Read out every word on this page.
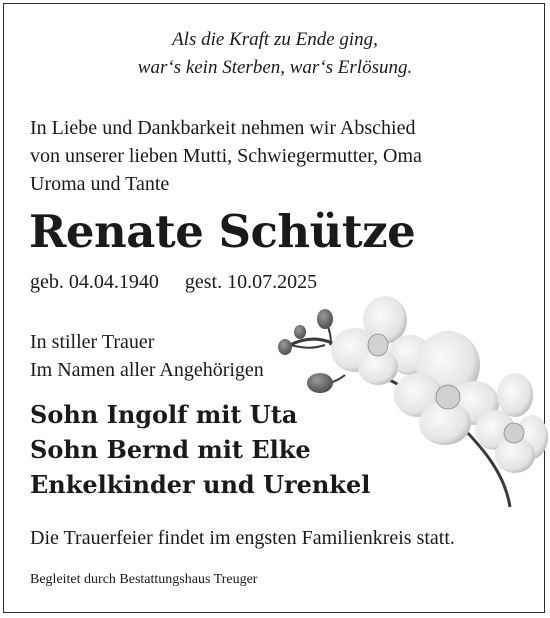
Als die Kraft zu Ende ging,
war‘s kein Sterben, war‘s Erlösung.
In Liebe und Dankbarkeit nehmen wir Abschied
von unserer lieben Mutti, Schwiegermutter, Oma
Uroma und Tante
Renate Schütze
geb. 04.04.1940 gest. 10.07.2025
In stiller Trauer
Im Namen aller Angehörigen
Sohn Ingolf mit Uta
Sohn Bernd mit Elke
Enkelkinder und Urenkel
Die Trauerfeier findet im engsten Familienkreis statt.
Begleitet durch Bestattungshaus Treuger
